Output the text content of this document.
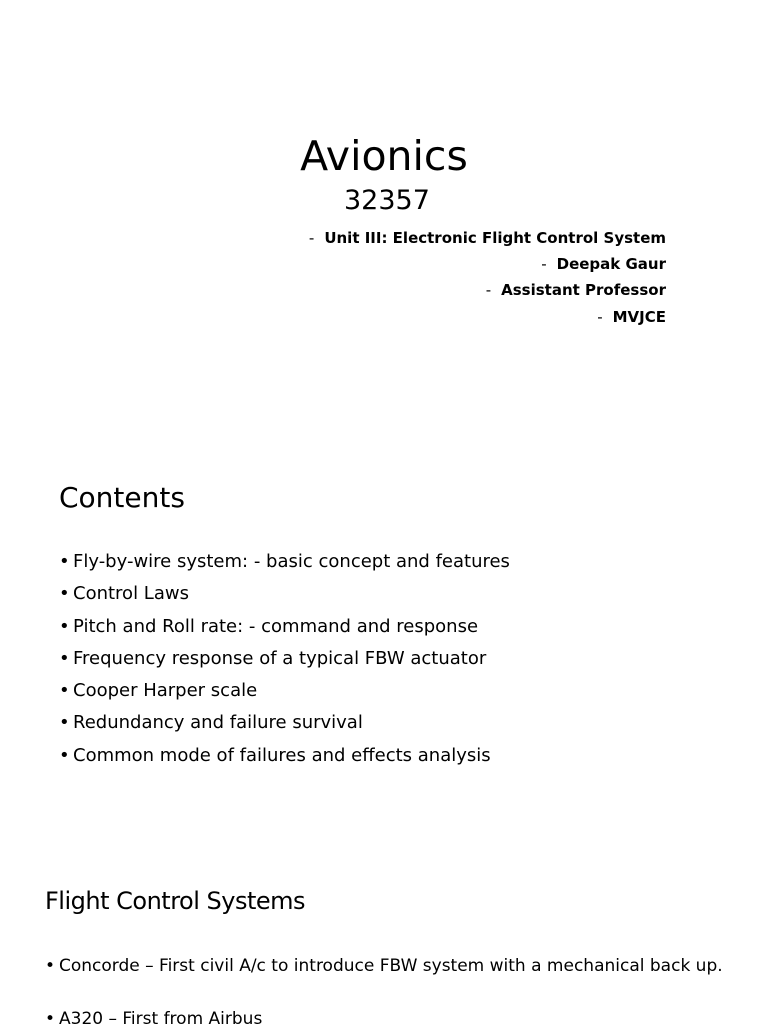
Avionics
32357
- Unit III: Electronic Flight Control System
- Deepak Gaur
- Assistant Professor
- MVJCE
Contents
• Fly-by-wire system: - basic concept and features
• Control Laws
• Pitch and Roll rate: - command and response
• Frequency response of a typical FBW actuator
• Cooper Harper scale
• Redundancy and failure survival
• Common mode of failures and effects analysis
Flight Control Systems
• Concorde – First civil A/c to introduce FBW system with a mechanical back up.
• A320 – First from Airbus
